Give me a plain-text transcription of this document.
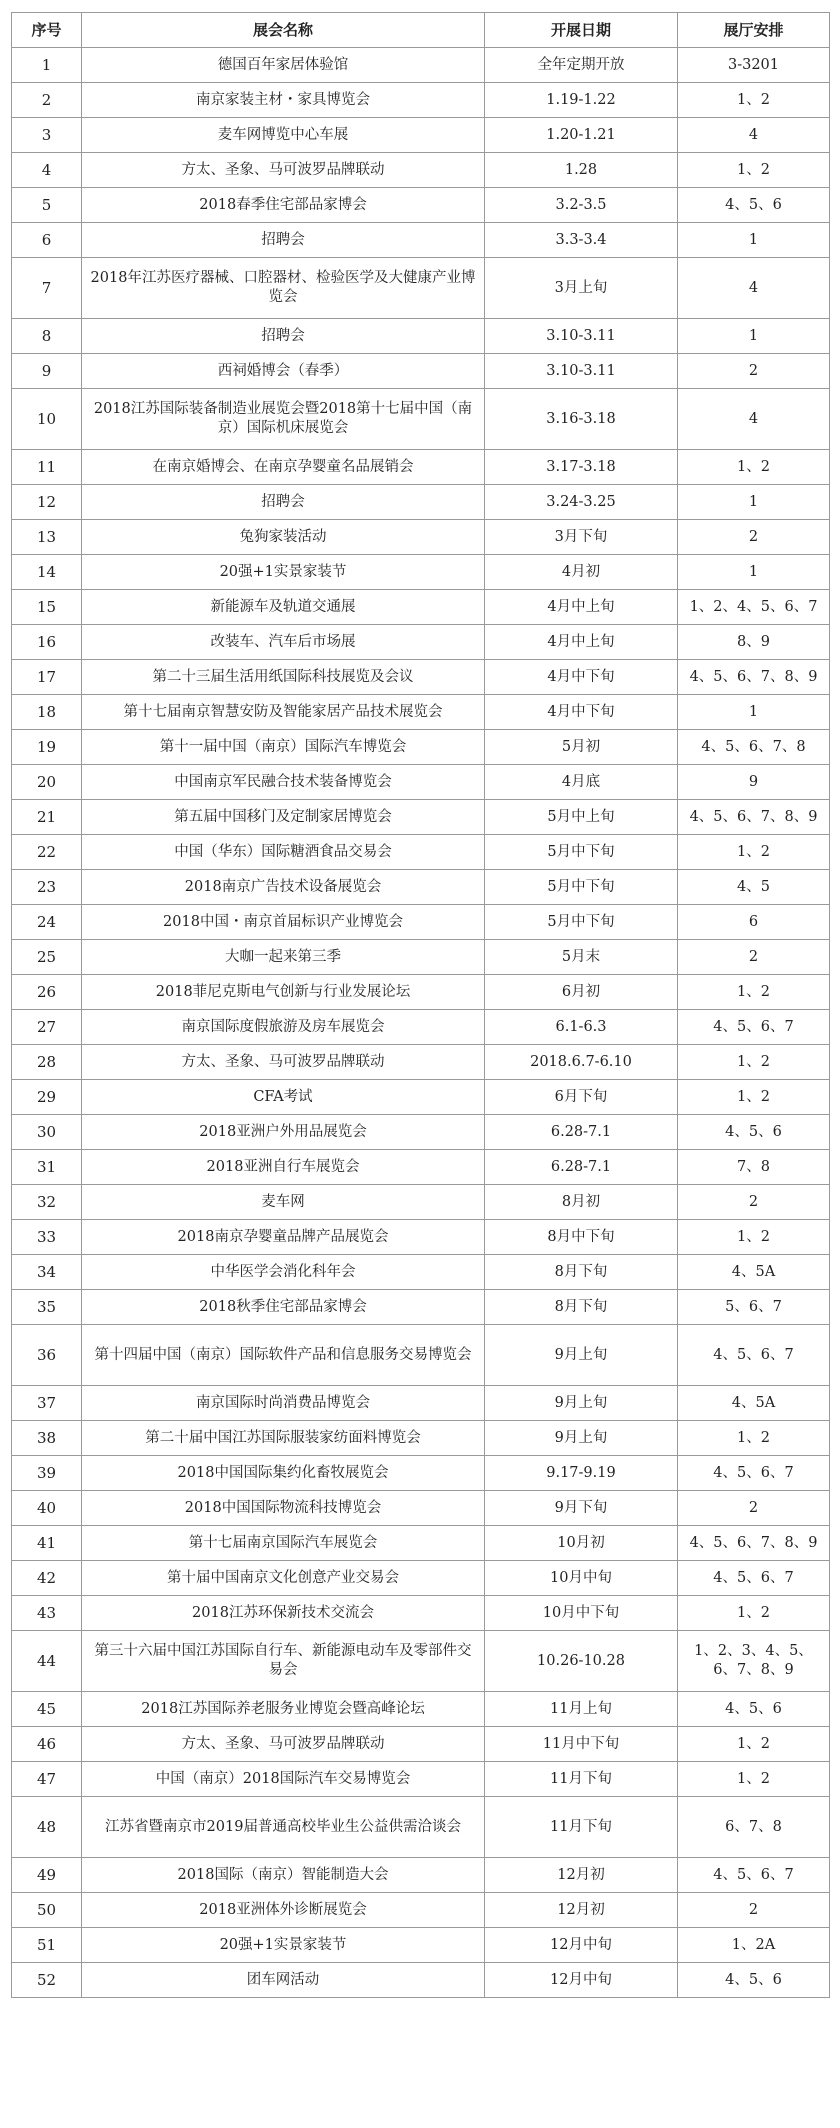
序号	展会名称	开展日期	展厅安排
1	德国百年家居体验馆	全年定期开放	3-3201
2	南京家装主材・家具博览会	1.19-1.22	1、2
3	麦车网博览中心车展	1.20-1.21	4
4	方太、圣象、马可波罗品牌联动	1.28	1、2
5	2018春季住宅部品家博会	3.2-3.5	4、5、6
6	招聘会	3.3-3.4	1
7	2018年江苏医疗器械、口腔器材、检验医学及大健康产业博览会	3月上旬	4
8	招聘会	3.10-3.11	1
9	西祠婚博会（春季）	3.10-3.11	2
10	2018江苏国际装备制造业展览会暨2018第十七届中国（南京）国际机床展览会	3.16-3.18	4
11	在南京婚博会、在南京孕婴童名品展销会	3.17-3.18	1、2
12	招聘会	3.24-3.25	1
13	兔狗家装活动	3月下旬	2
14	20强+1实景家装节	4月初	1
15	新能源车及轨道交通展	4月中上旬	1、2、4、5、6、7
16	改装车、汽车后市场展	4月中上旬	8、9
17	第二十三届生活用纸国际科技展览及会议	4月中下旬	4、5、6、7、8、9
18	第十七届南京智慧安防及智能家居产品技术展览会	4月中下旬	1
19	第十一届中国（南京）国际汽车博览会	5月初	4、5、6、7、8
20	中国南京军民融合技术装备博览会	4月底	9
21	第五届中国移门及定制家居博览会	5月中上旬	4、5、6、7、8、9
22	中国（华东）国际糖酒食品交易会	5月中下旬	1、2
23	2018南京广告技术设备展览会	5月中下旬	4、5
24	2018中国・南京首届标识产业博览会	5月中下旬	6
25	大咖一起来第三季	5月末	2
26	2018菲尼克斯电气创新与行业发展论坛	6月初	1、2
27	南京国际度假旅游及房车展览会	6.1-6.3	4、5、6、7
28	方太、圣象、马可波罗品牌联动	2018.6.7-6.10	1、2
29	CFA考试	6月下旬	1、2
30	2018亚洲户外用品展览会	6.28-7.1	4、5、6
31	2018亚洲自行车展览会	6.28-7.1	7、8
32	麦车网	8月初	2
33	2018南京孕婴童品牌产品展览会	8月中下旬	1、2
34	中华医学会消化科年会	8月下旬	4、5A
35	2018秋季住宅部品家博会	8月下旬	5、6、7
36	第十四届中国（南京）国际软件产品和信息服务交易博览会	9月上旬	4、5、6、7
37	南京国际时尚消费品博览会	9月上旬	4、5A
38	第二十届中国江苏国际服装家纺面料博览会	9月上旬	1、2
39	2018中国国际集约化畜牧展览会	9.17-9.19	4、5、6、7
40	2018中国国际物流科技博览会	9月下旬	2
41	第十七届南京国际汽车展览会	10月初	4、5、6、7、8、9
42	第十届中国南京文化创意产业交易会	10月中旬	4、5、6、7
43	2018江苏环保新技术交流会	10月中下旬	1、2
44	第三十六届中国江苏国际自行车、新能源电动车及零部件交易会	10.26-10.28	1、2、3、4、5、6、7、8、9
45	2018江苏国际养老服务业博览会暨高峰论坛	11月上旬	4、5、6
46	方太、圣象、马可波罗品牌联动	11月中下旬	1、2
47	中国（南京）2018国际汽车交易博览会	11月下旬	1、2
48	江苏省暨南京市2019届普通高校毕业生公益供需洽谈会	11月下旬	6、7、8
49	2018国际（南京）智能制造大会	12月初	4、5、6、7
50	2018亚洲体外诊断展览会	12月初	2
51	20强+1实景家装节	12月中旬	1、2A
52	团车网活动	12月中旬	4、5、6
